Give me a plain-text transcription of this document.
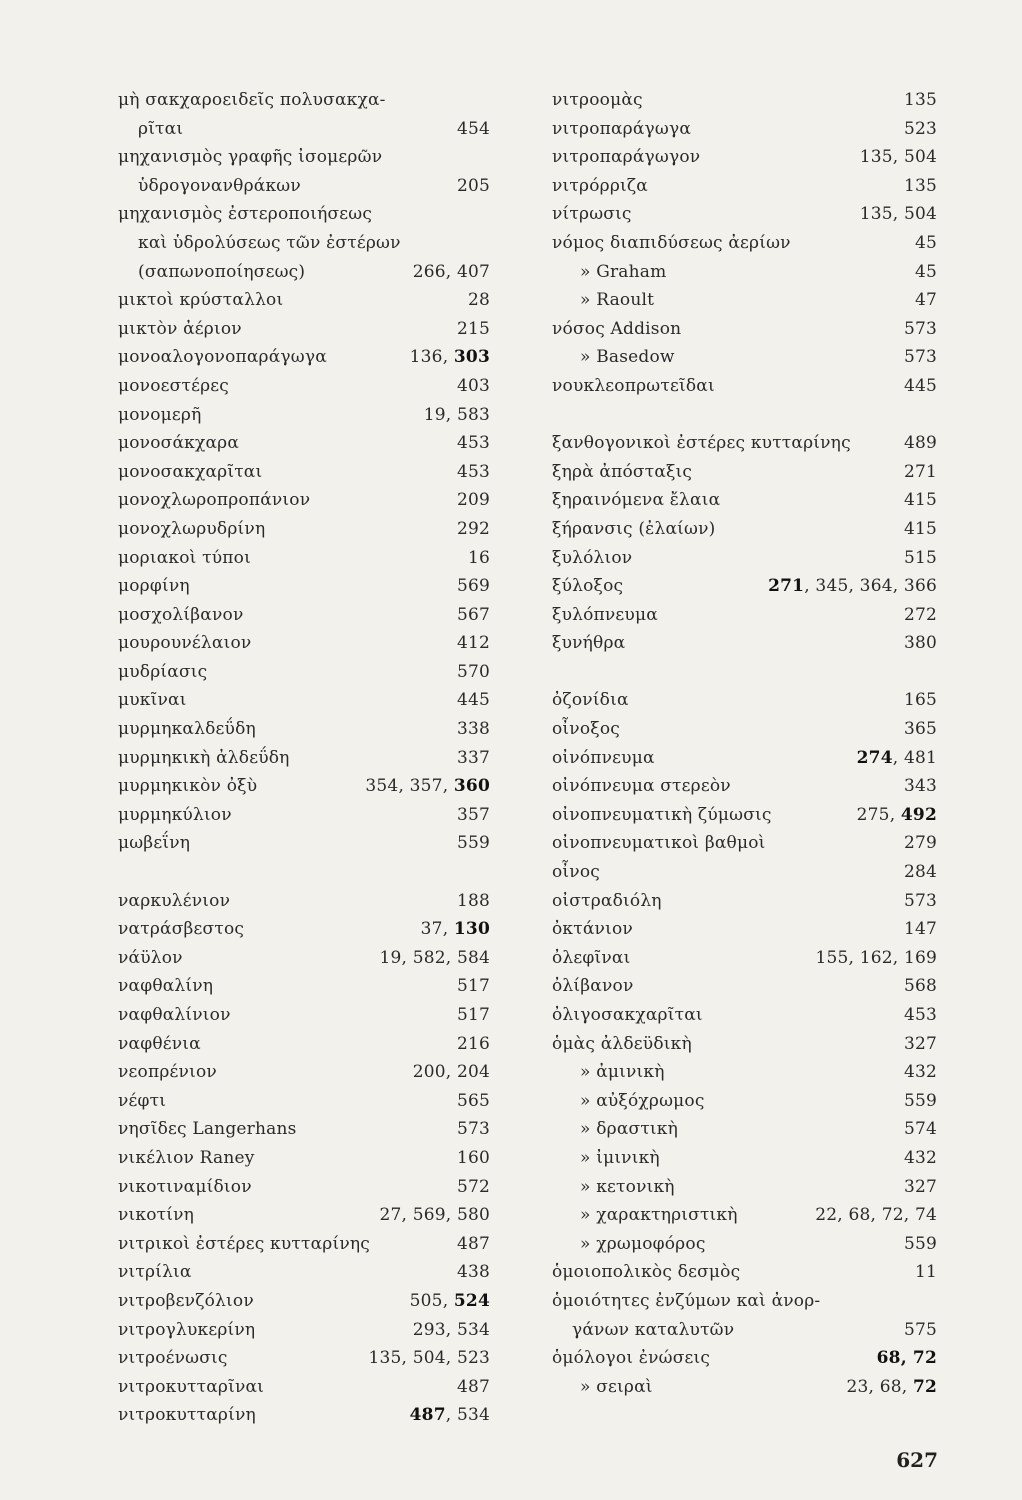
μὴ σακχαροειδεῖς πολυσακχα-
ρῖται	454
μηχανισμὸς γραφῆς ἰσομερῶν
ὑδρογονανθράκων	205
μηχανισμὸς ἐστεροποιήσεως
καὶ ὑδρολύσεως τῶν ἐστέρων
(σαπωνοποίησεως)	266, 407
μικτοὶ κρύσταλλοι	28
μικτὸν ἀέριον	215
μονοαλογονοπαράγωγα	136, 303
μονοεστέρες	403
μονομερῆ	19, 583
μονοσάκχαρα	453
μονοσακχαρῖται	453
μονοχλωροπροπάνιον	209
μονοχλωρυδρίνη	292
μοριακοὶ τύποι	16
μορφίνη	569
μοσχολίβανον	567
μουρουνέλαιον	412
μυδρίασις	570
μυκῖναι	445
μυρμηκαλδεΰδη	338
μυρμηκικὴ ἀλδεΰδη	337
μυρμηκικὸν ὀξὺ	354, 357, 360
μυρμηκύλιον	357
μωβεΐνη	559
ναρκυλένιον	188
νατράσβεστος	37, 130
νάϋλον	19, 582, 584
ναφθαλίνη	517
ναφθαλίνιον	517
ναφθένια	216
νεοπρένιον	200, 204
νέφτι	565
νησῖδες Langerhans	573
νικέλιον Raney	160
νικοτιναμίδιον	572
νικοτίνη	27, 569, 580
νιτρικοὶ ἐστέρες κυτταρίνης	487
νιτρίλια	438
νιτροβενζόλιον	505, 524
νιτρογλυκερίνη	293, 534
νιτροένωσις	135, 504, 523
νιτροκυτταρῖναι	487
νιτροκυτταρίνη	487, 534
νιτροομὰς	135
νιτροπαράγωγα	523
νιτροπαράγωγον	135, 504
νιτρόρριζα	135
νίτρωσις	135, 504
νόμος διαπιδύσεως ἀερίων	45
» Graham	45
» Raoult	47
νόσος Addison	573
» Basedow	573
νουκλεοπρωτεῖδαι	445
ξανθογονικοὶ ἐστέρες κυτταρίνης	489
ξηρὰ ἀπόσταξις	271
ξηραινόμενα ἔλαια	415
ξήρανσις (ἐλαίων)	415
ξυλόλιον	515
ξύλοξος	271, 345, 364, 366
ξυλόπνευμα	272
ξυνήθρα	380
ὀζονίδια	165
οἶνοξος	365
οἰνόπνευμα	274, 481
οἰνόπνευμα στερεὸν	343
οἰνοπνευματικὴ ζύμωσις	275, 492
οἰνοπνευματικοὶ βαθμοὶ	279
οἶνος	284
οἰστραδιόλη	573
ὀκτάνιον	147
ὀλεφῖναι	155, 162, 169
ὀλίβανον	568
ὀλιγοσακχαρῖται	453
ὁμὰς ἀλδεϋδικὴ	327
» ἀμινικὴ	432
» αὐξόχρωμος	559
» δραστικὴ	574
» ἰμινικὴ	432
» κετονικὴ	327
» χαρακτηριστικὴ	22, 68, 72, 74
» χρωμοφόρος	559
ὁμοιοπολικὸς δεσμὸς	11
ὁμοιότητες ἐνζύμων καὶ ἀνορ-
γάνων καταλυτῶν	575
ὁμόλογοι ἐνώσεις	68, 72
» σειραὶ	23, 68, 72
627
